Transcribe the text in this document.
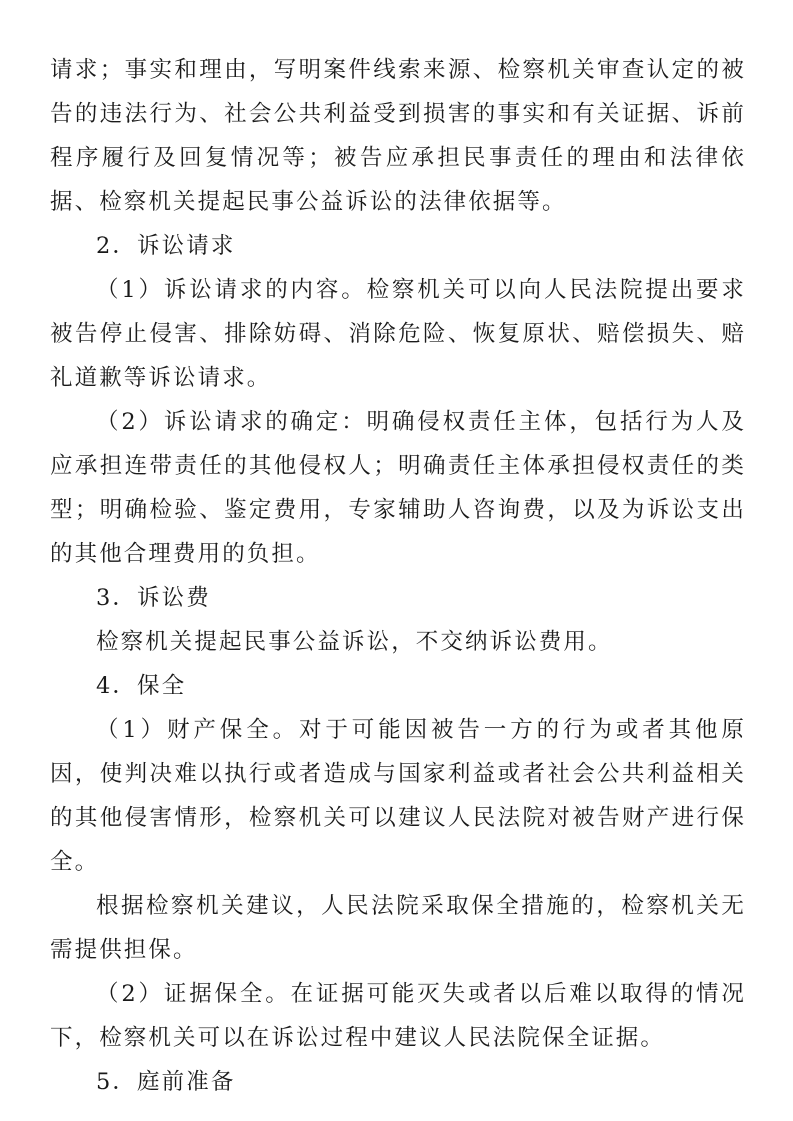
请求；事实和理由，写明案件线索来源、检察机关审查认定的被告的违法行为、社会公共利益受到损害的事实和有关证据、诉前程序履行及回复情况等；被告应承担民事责任的理由和法律依据、检察机关提起民事公益诉讼的法律依据等。

2．诉讼请求

（1）诉讼请求的内容。检察机关可以向人民法院提出要求被告停止侵害、排除妨碍、消除危险、恢复原状、赔偿损失、赔礼道歉等诉讼请求。

（2）诉讼请求的确定：明确侵权责任主体，包括行为人及应承担连带责任的其他侵权人；明确责任主体承担侵权责任的类型；明确检验、鉴定费用，专家辅助人咨询费，以及为诉讼支出的其他合理费用的负担。

3．诉讼费

检察机关提起民事公益诉讼，不交纳诉讼费用。

4．保全

（1）财产保全。对于可能因被告一方的行为或者其他原因，使判决难以执行或者造成与国家利益或者社会公共利益相关的其他侵害情形，检察机关可以建议人民法院对被告财产进行保全。

根据检察机关建议，人民法院采取保全措施的，检察机关无需提供担保。

（2）证据保全。在证据可能灭失或者以后难以取得的情况下，检察机关可以在诉讼过程中建议人民法院保全证据。

5．庭前准备
